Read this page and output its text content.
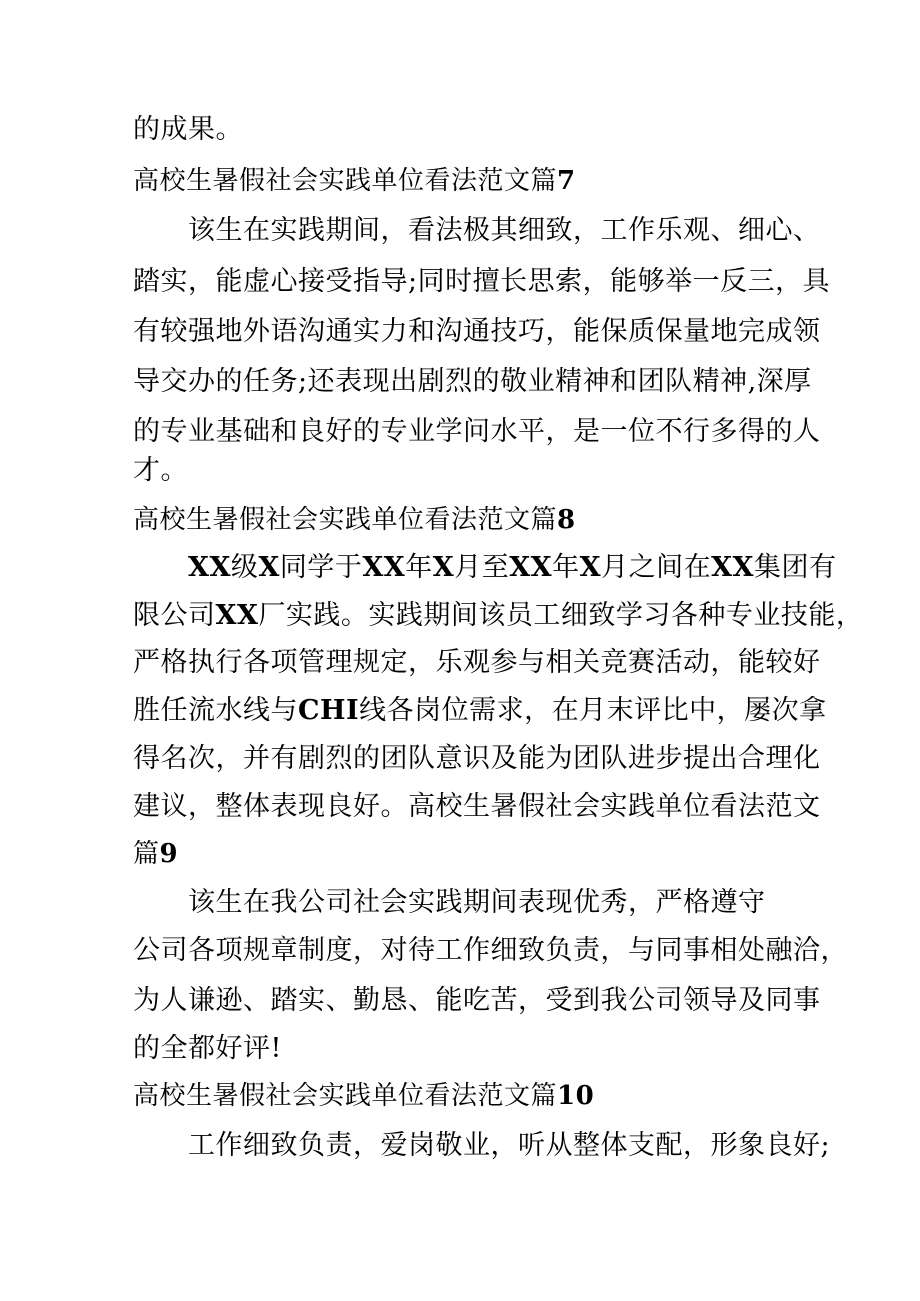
的成果。
高校生暑假社会实践单位看法范文篇7
该生在实践期间，看法极其细致，工作乐观、细心、
踏实，能虚心接受指导;同时擅长思索，能够举一反三，具
有较强地外语沟通实力和沟通技巧，能保质保量地完成领
导交办的任务;还表现出剧烈的敬业精神和团队精神,深厚
的专业基础和良好的专业学问水平，是一位不行多得的人
才。
高校生暑假社会实践单位看法范文篇8
XX级X同学于XX年X月至XX年X月之间在XX集团有
限公司XX厂实践。实践期间该员工细致学习各种专业技能，
严格执行各项管理规定，乐观参与相关竞赛活动，能较好
胜任流水线与CHI线各岗位需求，在月末评比中，屡次拿
得名次，并有剧烈的团队意识及能为团队进步提出合理化
建议，整体表现良好。高校生暑假社会实践单位看法范文
篇9
该生在我公司社会实践期间表现优秀，严格遵守
公司各项规章制度，对待工作细致负责，与同事相处融洽，
为人谦逊、踏实、勤恳、能吃苦，受到我公司领导及同事
的全都好评!
高校生暑假社会实践单位看法范文篇10
工作细致负责，爱岗敬业，听从整体支配，形象良好;
